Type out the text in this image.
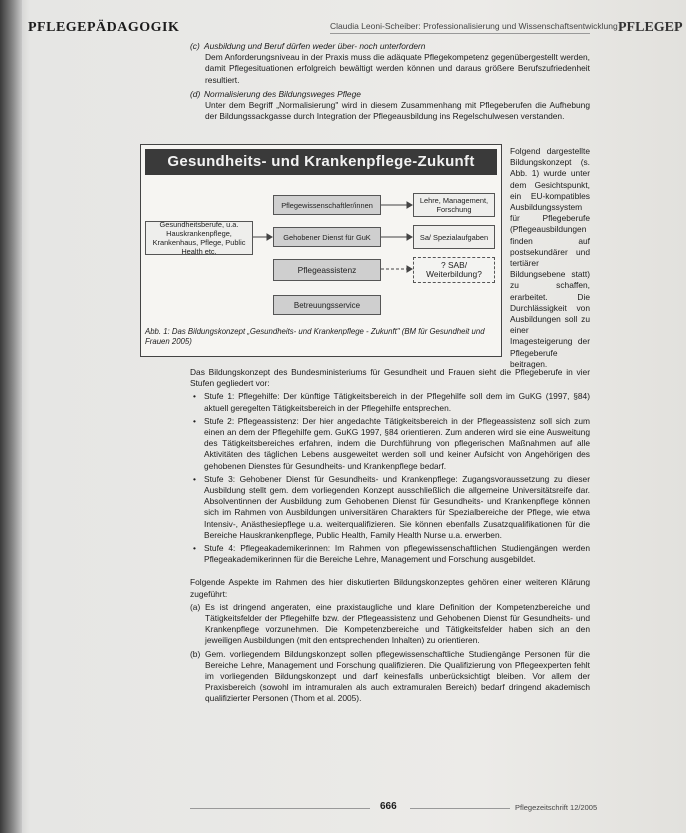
PFLEGEPÄDAGOGIK	Claudia Leoni-Scheiber: Professionalisierung und Wissenschaftsentwicklung PFLEGEP

(c) Ausbildung und Beruf dürfen weder über- noch unterfordern

Dem Anforderungsniveau in der Praxis muss die adäquate Pflegekompetenz gegenübergestellt werden, damit Pflegesituationen erfolgreich bewältigt werden können und daraus größere Berufszufriedenheit resultiert.

(d) Normalisierung des Bildungsweges Pflege

Unter dem Begriff „Normalisierung" wird in diesem Zusammenhang mit Pflegeberufen die Aufhebung der Bildungssackgasse durch Integration der Pflegeausbildung ins Regelschulwesen verstanden.

Gesundheits- und Krankenpflege-Zukunft
Pflegewissenschaftler/innen	Lehre, Management, Forschung
Gesundheitsberufe, u.a. Hauskrankenpflege, Krankenhaus, Pflege, Public Health etc.
Gehobener Dienst für GuK	Sa/ Spezialaufgaben
Pflegeassistenz	? SAB/ Weiterbildung?
Betreuungsservice
Abb. 1: Das Bildungskonzept „Gesundheits- und Krankenpflege - Zukunft" (BM für Gesundheit und Frauen 2005)
Folgend dargestellte Bildungskonzept (s. Abb. 1) wurde unter dem Gesichtspunkt, ein EU-kompatibles Ausbildungssystem für Pflegeberufe (Pflegeausbildungen finden auf postsekundärer und tertiärer Bildungsebene statt) zu schaffen, erarbeitet. Die Durchlässigkeit von Ausbildungen soll zu einer Imagesteigerung der Pflegeberufe beitragen.

Das Bildungskonzept des Bundesministeriums für Gesundheit und Frauen sieht die Pflegeberufe in vier Stufen gegliedert vor:

• Stufe 1: Pflegehilfe: Der künftige Tätigkeitsbereich in der Pflegehilfe soll dem im GuKG (1997, §84) aktuell geregelten Tätigkeitsbereich in der Pflegehilfe entsprechen.

• Stufe 2: Pflegeassistenz: Der hier angedachte Tätigkeitsbereich in der Pflegeassistenz soll sich zum einen an dem der Pflegehilfe gem. GuKG 1997, §84 orientieren. Zum anderen wird sie eine Ausweitung des Tätigkeitsbereiches erfahren, indem die Durchführung von pflegerischen Maßnahmen auf alle Aktivitäten des täglichen Lebens ausgeweitet werden soll und keiner Aufsicht von Angehörigen des gehobenen Dienstes für Gesundheits- und Krankenpflege bedarf.

• Stufe 3: Gehobener Dienst für Gesundheits- und Krankenpflege: Zugangsvoraussetzung zu dieser Ausbildung stellt gem. dem vorliegenden Konzept ausschließlich die allgemeine Universitätsreife dar. Absolventinnen der Ausbildung zum Gehobenen Dienst für Gesundheits- und Krankenpflege können sich im Rahmen von Ausbildungen universitären Charakters für Spezialbereiche der Pflege, wie etwa Intensiv-, Anästhesiepflege u.a. weiterqualifizieren. Sie können ebenfalls Zusatzqualifikationen für die Bereiche Hauskrankenpflege, Public Health, Family Health Nurse u.a. erwerben.

• Stufe 4: Pflegeakademikerinnen: Im Rahmen von pflegewissenschaftlichen Studiengängen werden Pflegeakademikerinnen für die Bereiche Lehre, Management und Forschung ausgebildet.

Folgende Aspekte im Rahmen des hier diskutierten Bildungskonzeptes gehören einer weiteren Klärung zugeführt:

(a) Es ist dringend angeraten, eine praxistaugliche und klare Definition der Kompetenzbereiche und Tätigkeitsfelder der Pflegehilfe bzw. der Pflegeassistenz und Gehobenen Dienst für Gesundheits- und Krankenpflege vorzunehmen. Die Kompetenzbereiche und Tätigkeitsfelder haben sich an den jeweiligen Ausbildungen (mit den entsprechenden Inhalten) zu orientieren.

(b) Gem. vorliegendem Bildungskonzept sollen pflegewissenschaftliche Studiengänge Personen für die Bereiche Lehre, Management und Forschung qualifizieren. Die Qualifizierung von Pflegeexperten fehlt im vorliegenden Bildungskonzept und darf keinesfalls unberücksichtigt bleiben. Vor allem der Praxisbereich (sowohl im intramuralen als auch extramuralen Bereich) bedarf dringend akademisch qualifizierter Personen (Thom et al. 2005).

666	Pflegezeitschrift 12/2005
